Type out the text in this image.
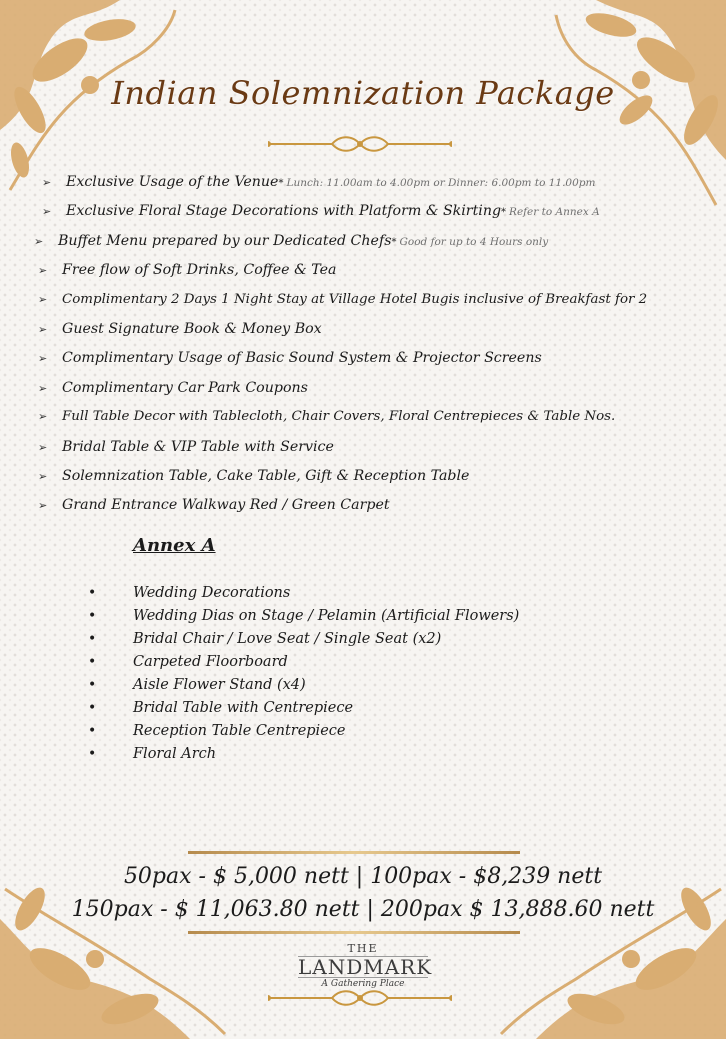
Indian Solemnization Package
➢	Exclusive Usage of the Venue * Lunch: 11.00am to 4.00pm or Dinner: 6.00pm to 11.00pm
➢	Exclusive Floral Stage Decorations with Platform & Skirting * Refer to Annex A
➢	Buffet Menu prepared by our Dedicated Chefs * Good for up to 4 Hours only
➢	Free flow of Soft Drinks, Coffee & Tea
➢	Complimentary 2 Days 1 Night Stay at Village Hotel Bugis inclusive of Breakfast for 2
➢	Guest Signature Book & Money Box
➢	Complimentary Usage of Basic Sound System & Projector Screens
➢	Complimentary Car Park Coupons
➢	Full Table Decor with Tablecloth, Chair Covers, Floral Centrepieces & Table Nos.
➢	Bridal Table & VIP Table with Service
➢	Solemnization Table, Cake Table, Gift & Reception Table
➢	Grand Entrance Walkway Red / Green Carpet
Annex A
•	Wedding Decorations
•	Wedding Dias on Stage / Pelamin (Artificial Flowers)
•	Bridal Chair / Love Seat / Single Seat (x2)
•	Carpeted Floorboard
•	Aisle Flower Stand (x4)
•	Bridal Table with Centrepiece
•	Reception Table Centrepiece
•	Floral Arch
50pax - $ 5,000 nett | 100pax - $8,239 nett
150pax - $ 11,063.80 nett | 200pax $ 13,888.60 nett
THE
LANDMARK
A Gathering Place
